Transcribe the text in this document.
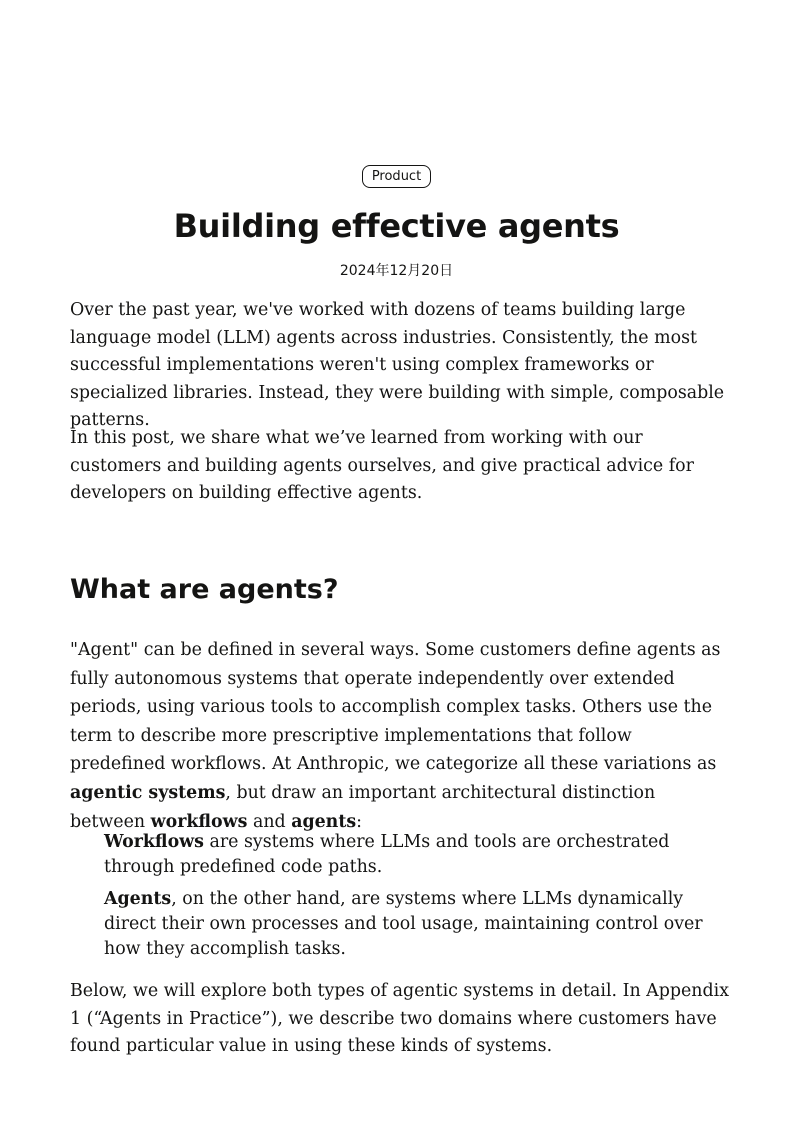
Product
Building effective agents
2024年12月20日

Over the past year, we've worked with dozens of teams building large language model (LLM) agents across industries. Consistently, the most successful implementations weren't using complex frameworks or specialized libraries. Instead, they were building with simple, composable patterns.

In this post, we share what we’ve learned from working with our customers and building agents ourselves, and give practical advice for developers on building effective agents.

What are agents?

"Agent" can be defined in several ways. Some customers define agents as fully autonomous systems that operate independently over extended periods, using various tools to accomplish complex tasks. Others use the term to describe more prescriptive implementations that follow predefined workflows. At Anthropic, we categorize all these variations as agentic systems, but draw an important architectural distinction between workflows and agents:

Workflows are systems where LLMs and tools are orchestrated through predefined code paths.
Agents, on the other hand, are systems where LLMs dynamically direct their own processes and tool usage, maintaining control over how they accomplish tasks.

Below, we will explore both types of agentic systems in detail. In Appendix 1 (“Agents in Practice”), we describe two domains where customers have found particular value in using these kinds of systems.
